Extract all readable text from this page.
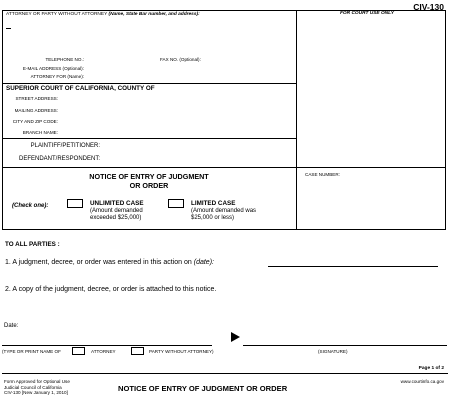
CIV-130
FOR COURT USE ONLY
ATTORNEY OR PARTY WITHOUT ATTORNEY (Name, State Bar number, and address):
TELEPHONE NO.:	FAX NO. (Optional):
E-MAIL ADDRESS (Optional):
ATTORNEY FOR (Name):
SUPERIOR COURT OF CALIFORNIA, COUNTY OF
STREET ADDRESS:
MAILING ADDRESS:
CITY AND ZIP CODE:
BRANCH NAME:
PLAINTIFF/PETITIONER:
DEFENDANT/RESPONDENT:
NOTICE OF ENTRY OF JUDGMENT
OR ORDER
CASE NUMBER:
(Check one):	UNLIMITED CASE
(Amount demanded
exceeded $25,000)
LIMITED CASE
(Amount demanded was
$25,000 or less)
TO ALL PARTIES :
1. A judgment, decree, or order was entered in this action on (date):
2. A copy of the judgment, decree, or order is attached to this notice.
Date:
(TYPE OR PRINT NAME OF	ATTORNEY	PARTY WITHOUT ATTORNEY)	(SIGNATURE)
Page 1 of 2
Form Approved for Optional Use
Judicial Council of California
CIV-130 [New January 1, 2010]	NOTICE OF ENTRY OF JUDGMENT OR ORDER
www.courtinfo.ca.gov
